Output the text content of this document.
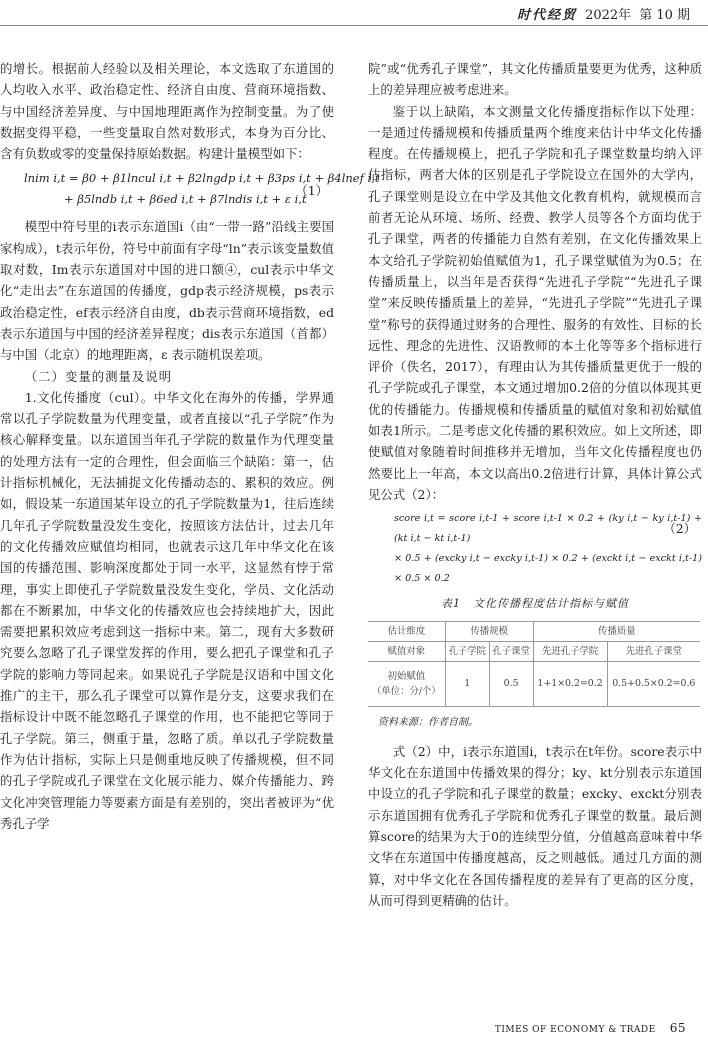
时代经贸 2022年 第 10 期

的增长。根据前人经验以及相关理论，本文选取了东道国的人均收入水平、政治稳定性、经济自由度、营商环境指数、与中国经济差异度、与中国地理距离作为控制变量。为了使数据变得平稳，一些变量取自然对数形式，本身为百分比、含有负数或零的变量保持原始数据。构建计量模型如下：

lnim i,t = β0 + β1lncul i,t + β2lngdp i,t + β3ps i,t + β4lnef i,t
+ β5lndb i,t + β6ed i,t + β7lndis i,t + ε i,t
（1）

模型中符号里的i表示东道国i（由“一带一路”沿线主要国家构成），t表示年份，符号中前面有字母“ln”表示该变量数值取对数，Im表示东道国对中国的进口额④，cul表示中华文化“走出去”在东道国的传播度，gdp表示经济规模，ps表示政治稳定性，ef表示经济自由度，db表示营商环境指数，ed表示东道国与中国的经济差异程度；dis表示东道国（首都）与中国（北京）的地理距离，ε 表示随机误差项。

（二）变量的测量及说明

1.文化传播度（cul）。中华文化在海外的传播，学界通常以孔子学院数量为代理变量，或者直接以“孔子学院”作为核心解释变量。以东道国当年孔子学院的数量作为代理变量的处理方法有一定的合理性，但会面临三个缺陷：第一，估计指标机械化，无法捕捉文化传播动态的、累积的效应。例如，假设某一东道国某年设立的孔子学院数量为1，往后连续几年孔子学院数量没发生变化，按照该方法估计，过去几年的文化传播效应赋值均相同，也就表示这几年中华文化在该国的传播范围、影响深度都处于同一水平，这显然有悖于常理，事实上即使孔子学院数量没发生变化，学员、文化活动都在不断累加，中华文化的传播效应也会持续地扩大，因此需要把累积效应考虑到这一指标中来。第二，现有大多数研究要么忽略了孔子课堂发挥的作用，要么把孔子课堂和孔子学院的影响力等同起来。如果说孔子学院是汉语和中国文化推广的主干，那么孔子课堂可以算作是分支，这要求我们在指标设计中既不能忽略孔子课堂的作用，也不能把它等同于孔子学院。第三，侧重于量，忽略了质。单以孔子学院数量作为估计指标，实际上只是侧重地反映了传播规模，但不同的孔子学院或孔子课堂在文化展示能力、媒介传播能力、跨文化冲突管理能力等要素方面是有差别的，突出者被评为“优秀孔子学

院”或“优秀孔子课堂”，其文化传播质量要更为优秀，这种质上的差异理应被考虑进来。

鉴于以上缺陷，本文测量文化传播度指标作以下处理：一是通过传播规模和传播质量两个维度来估计中华文化传播程度。在传播规模上，把孔子学院和孔子课堂数量均纳入评估指标，两者大体的区别是孔子学院设立在国外的大学内，孔子课堂则是设立在中学及其他文化教育机构，就规模而言前者无论从环境、场所、经费、教学人员等各个方面均优于孔子课堂，两者的传播能力自然有差别，在文化传播效果上本文给孔子学院初始值赋值为1，孔子课堂赋值为为0.5；在传播质量上，以当年是否获得“先进孔子学院”“先进孔子课堂”来反映传播质量上的差异，“先进孔子学院”“先进孔子课堂”称号的获得通过财务的合理性、服务的有效性、目标的长远性、理念的先进性、汉语教师的本土化等等多个指标进行评价（佚名，2017），有理由认为其传播质量更优于一般的孔子学院或孔子课堂，本文通过增加0.2倍的分值以体现其更优的传播能力。传播规模和传播质量的赋值对象和初始赋值如表1所示。二是考虑文化传播的累积效应。如上文所述，即使赋值对象随着时间推移并无增加，当年文化传播程度也仍然要比上一年高，本文以高出0.2倍进行计算，具体计算公式见公式（2）：

score i,t = score i,t-1 + score i,t-1 × 0.2 + (ky i,t − ky i,t-1) + (kt i,t − kt i,t-1)
× 0.5 + (excky i,t − excky i,t-1) × 0.2 + (exckt i,t − exckt i,t-1) × 0.5 × 0.2
（2）
表1　文化传播程度估计指标与赋值
估计维度	传播规模		传播质量	
赋值对象	孔子学院	孔子课堂	先进孔子学院	先进孔子课堂

初始赋值
（单位：分/个）	1	0.5	1+1×0.2=0.2	0.5+0.5×0.2=0.6
资料来源：作者自制。

式（2）中，i表示东道国i，t表示在t年份。score表示中华文化在东道国中传播效果的得分；ky、kt分别表示东道国中设立的孔子学院和孔子课堂的数量；excky、exckt分别表示东道国拥有优秀孔子学院和优秀孔子课堂的数量。最后测算score的结果为大于0的连续型分值，分值越高意味着中华文华在东道国中传播度越高，反之则越低。通过几方面的测算，对中华文化在各国传播程度的差异有了更高的区分度，从而可得到更精确的估计。

TIMES OF ECONOMY & TRADE 65
